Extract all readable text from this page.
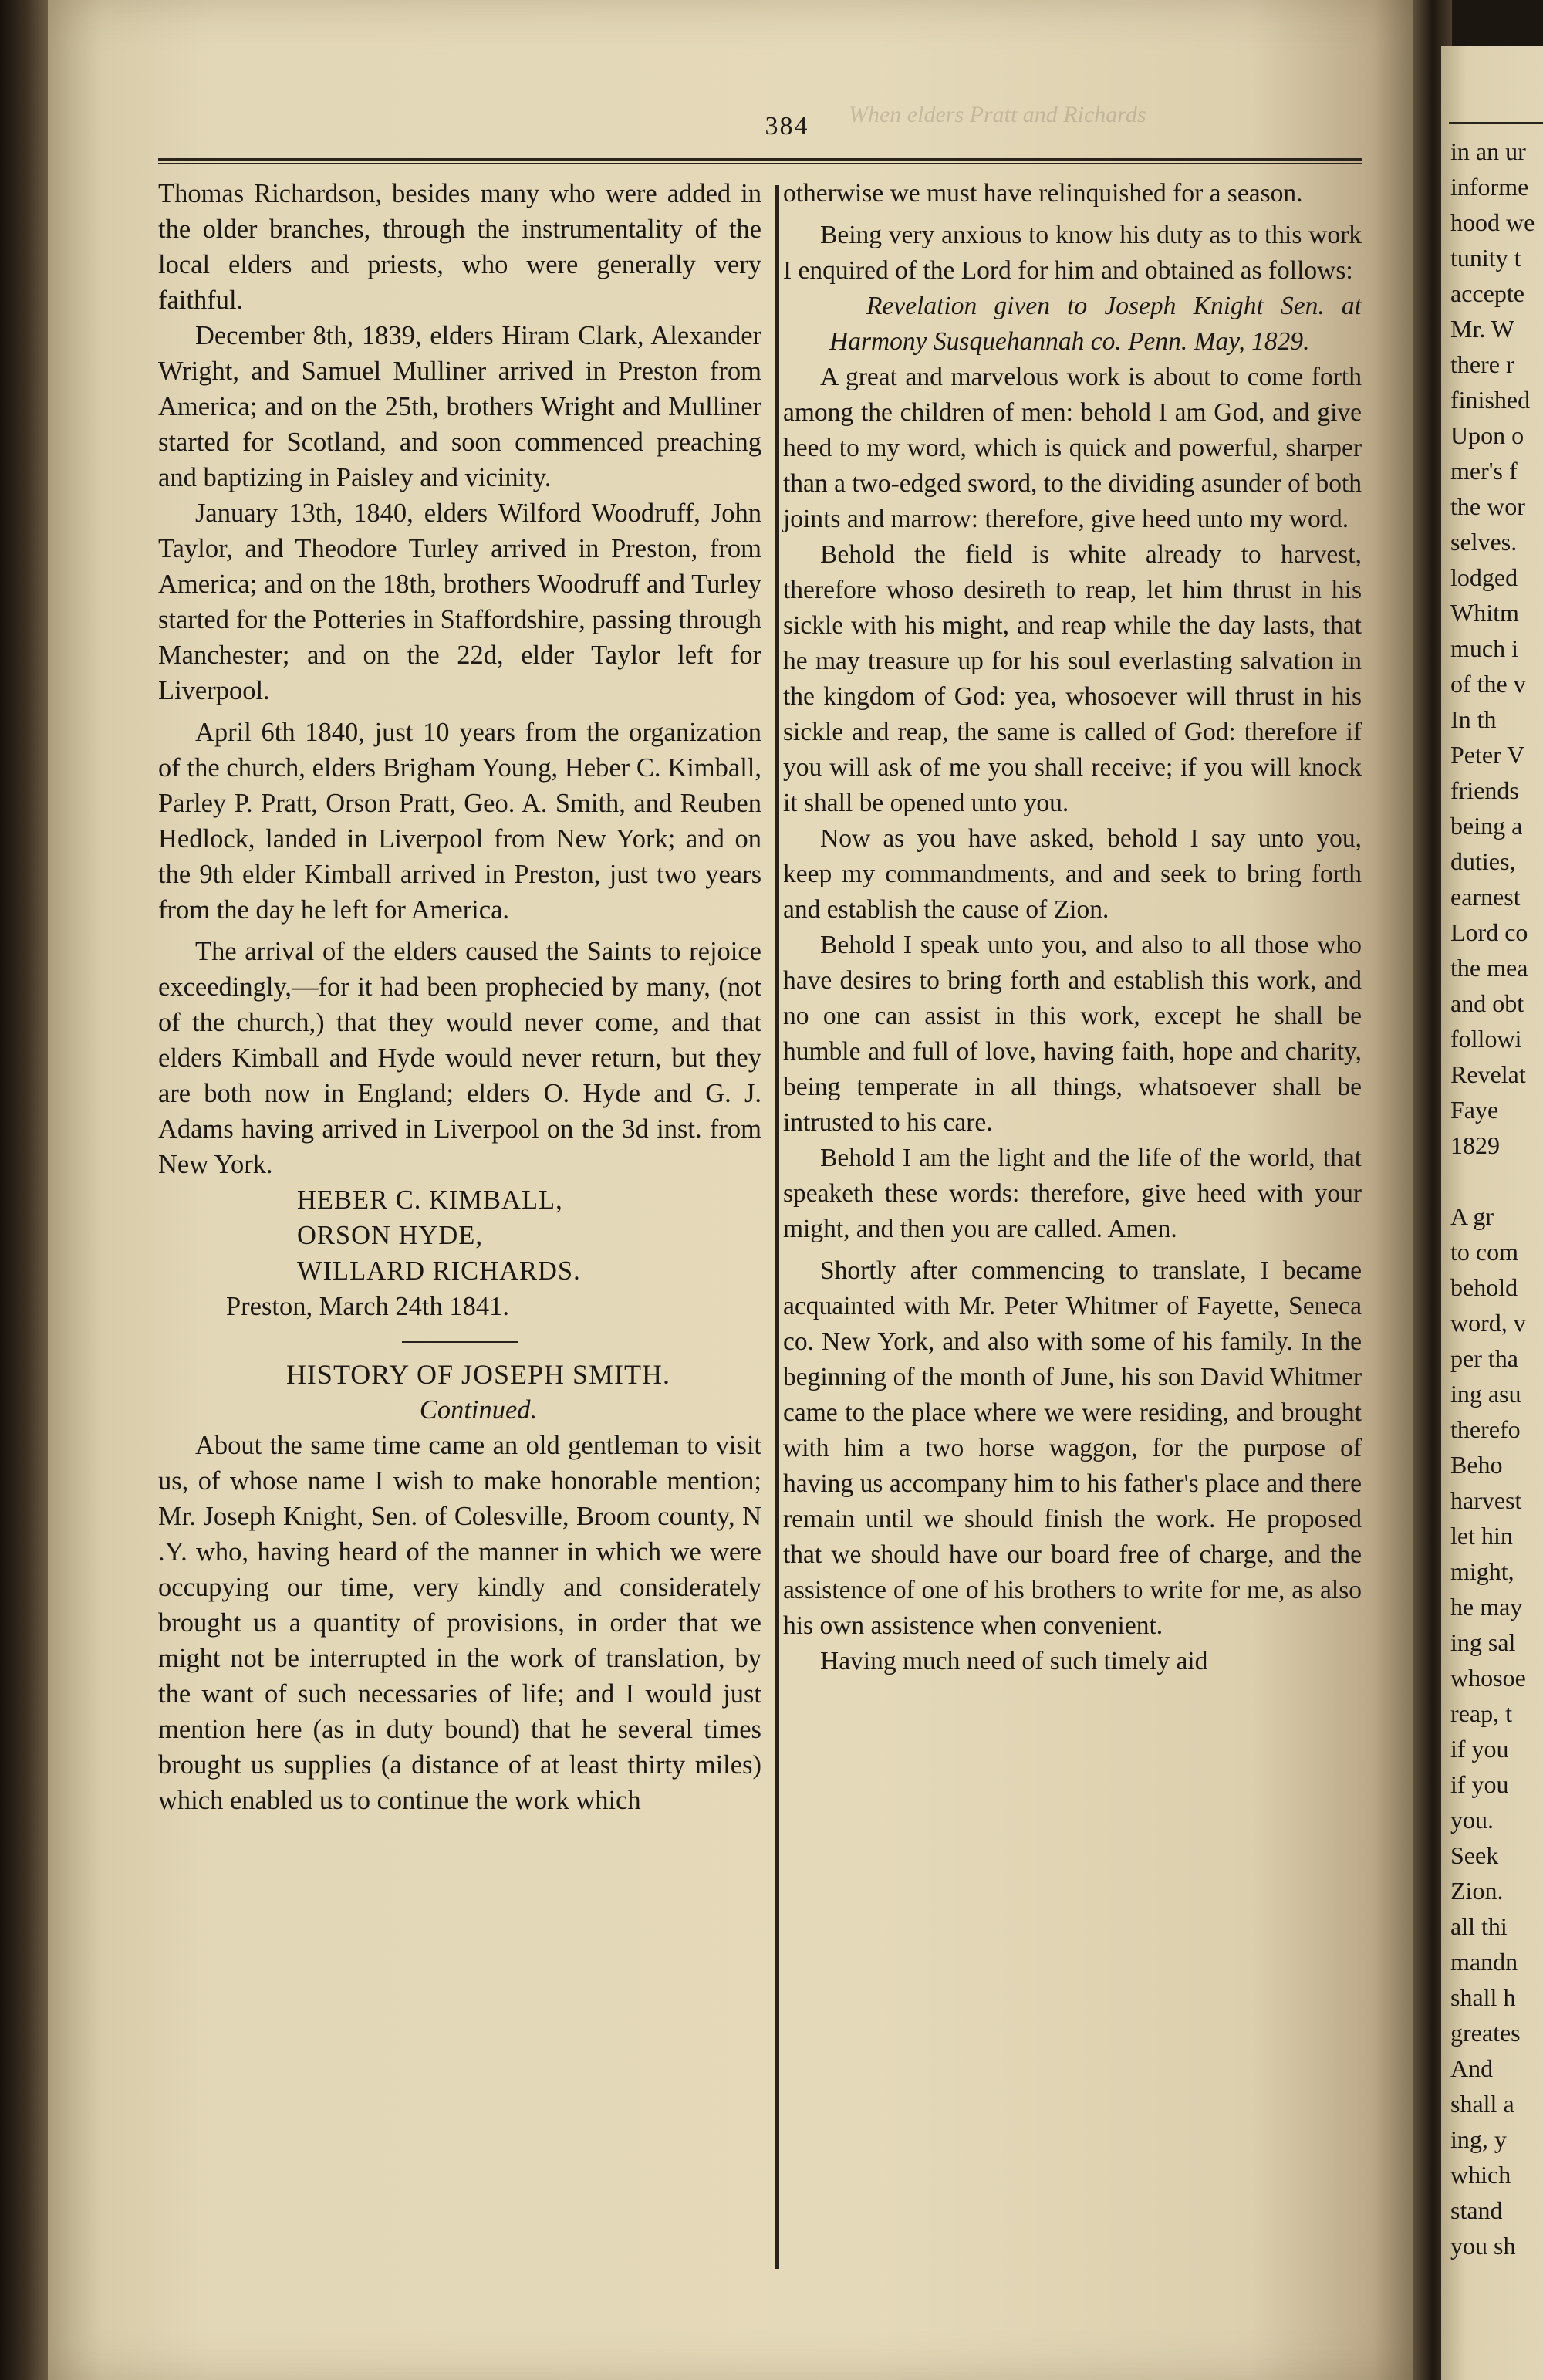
When elders Pratt and Richards
384

Thomas Richardson, besides many who were added in the older branches, through the instrumentality of the local elders and priests, who were generally very faithful.

December 8th, 1839, elders Hiram Clark, Alexander Wright, and Samuel Mulliner arrived in Preston from America; and on the 25th, brothers Wright and Mulliner started for Scotland, and soon commenced preaching and baptizing in Paisley and vicinity.

January 13th, 1840, elders Wilford Woodruff, John Taylor, and Theodore Turley arrived in Preston, from America; and on the 18th, brothers Woodruff and Turley started for the Potteries in Staffordshire, passing through Manchester; and on the 22d, elder Taylor left for Liverpool.

April 6th 1840, just 10 years from the organization of the church, elders Brigham Young, Heber C. Kimball, Parley P. Pratt, Orson Pratt, Geo. A. Smith, and Reuben Hedlock, landed in Liverpool from New York; and on the 9th elder Kimball arrived in Preston, just two years from the day he left for America.

The arrival of the elders caused the Saints to rejoice exceedingly,—for it had been prophecied by many, (not of the church,) that they would never come, and that elders Kimball and Hyde would never return, but they are both now in England; elders O. Hyde and G. J. Adams having arrived in Liverpool on the 3d inst. from New York.

HEBER C. KIMBALL,
ORSON HYDE,
WILLARD RICHARDS.

Preston, March 24th 1841.

HISTORY OF JOSEPH SMITH.

Continued.

About the same time came an old gentleman to visit us, of whose name I wish to make honorable mention; Mr. Joseph Knight, Sen. of Colesville, Broom county, N .Y. who, having heard of the manner in which we were occupying our time, very kindly and considerately brought us a quantity of provisions, in order that we might not be interrupted in the work of translation, by the want of such necessaries of life; and I would just mention here (as in duty bound) that he several times brought us supplies (a distance of at least thirty miles) which enabled us to continue the work which

otherwise we must have relinquished for a season.

Being very anxious to know his duty as to this work I enquired of the Lord for him and obtained as follows:

Revelation given to Joseph Knight Sen. at Harmony Susquehannah co. Penn. May, 1829.

A great and marvelous work is about to come forth among the children of men: behold I am God, and give heed to my word, which is quick and powerful, sharper than a two-edged sword, to the dividing asunder of both joints and marrow: therefore, give heed unto my word.

Behold the field is white already to harvest, therefore whoso desireth to reap, let him thrust in his sickle with his might, and reap while the day lasts, that he may treasure up for his soul everlasting salvation in the kingdom of God: yea, whosoever will thrust in his sickle and reap, the same is called of God: therefore if you will ask of me you shall receive; if you will knock it shall be opened unto you.

Now as you have asked, behold I say unto you, keep my commandments, and and seek to bring forth and establish the cause of Zion.

Behold I speak unto you, and also to all those who have desires to bring forth and establish this work, and no one can assist in this work, except he shall be humble and full of love, having faith, hope and charity, being temperate in all things, whatsoever shall be intrusted to his care.

Behold I am the light and the life of the world, that speaketh these words: therefore, give heed with your might, and then you are called. Amen.

Shortly after commencing to translate, I became acquainted with Mr. Peter Whitmer of Fayette, Seneca co. New York, and also with some of his family. In the beginning of the month of June, his son David Whitmer came to the place where we were residing, and brought with him a two horse waggon, for the purpose of having us accompany him to his father's place and there remain until we should finish the work. He proposed that we should have our board free of charge, and the assistence of one of his brothers to write for me, as also his own assistence when convenient.

Having much need of such timely aid

in an ur
informe
hood we
tunity t
accepte
Mr. W
there r
finished
Upon o
mer's f
the wor
selves.
lodged
Whitm
much i
of the v
In th
Peter V
friends
being a
duties,
earnest
Lord co
the mea
and obt
followi
Revelat
Faye
1829

A gr
to com
behold
word, v
per tha
ing asu
therefo
Beho
harvest
let hin
might,
he may
ing sal
whosoe
reap, t
if you
if you
you.
Seek
Zion.
all thi
mandn
shall h
greates
And
shall a
ing, y
which
stand
you sh
